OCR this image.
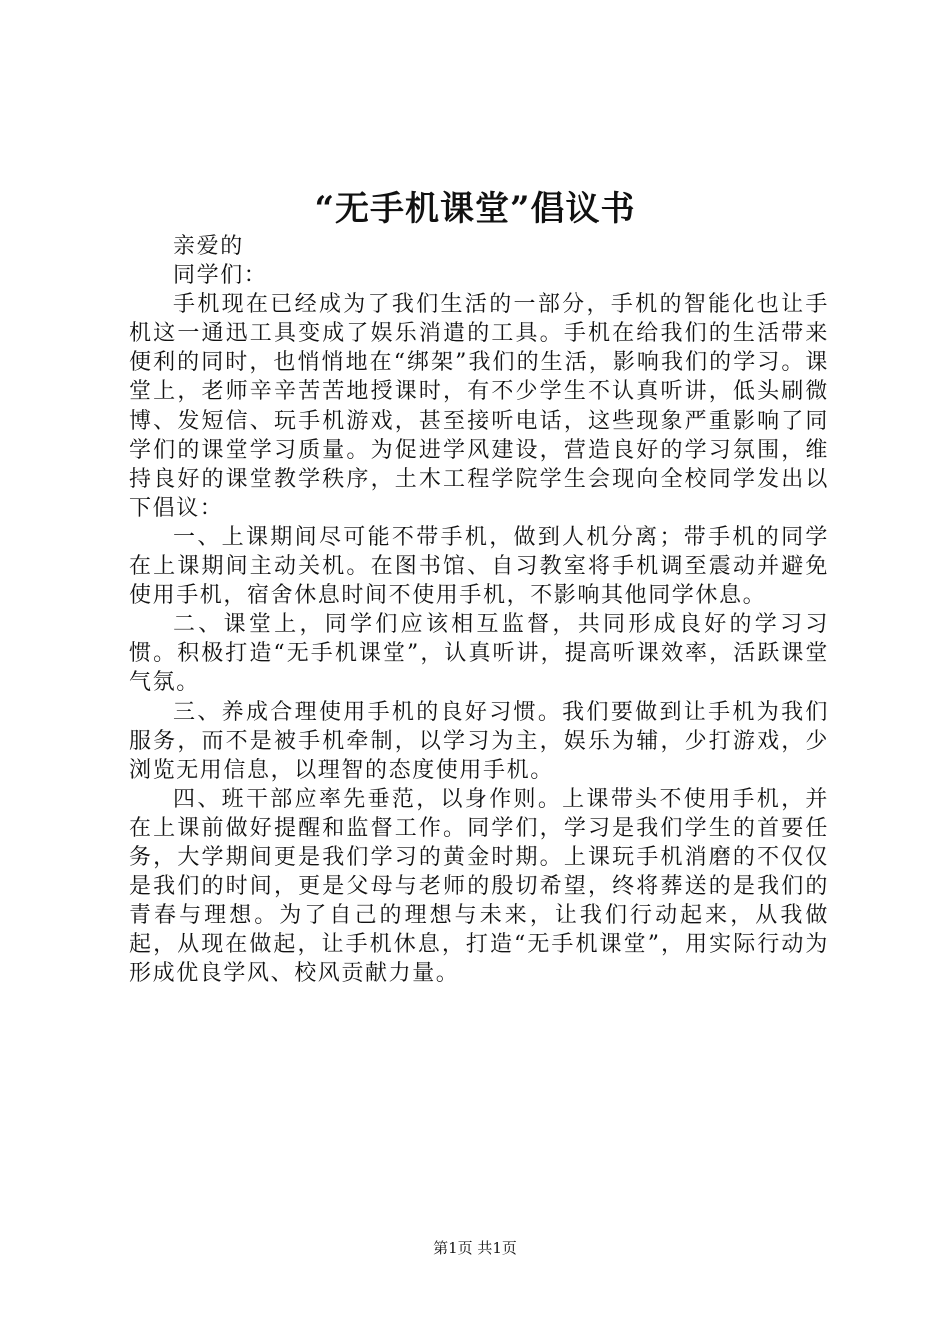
“无手机课堂”倡议书

亲爱的

同学们：

手机现在已经成为了我们生活的一部分，手机的智能化也让手机这一通迅工具变成了娱乐消遣的工具。手机在给我们的生活带来便利的同时，也悄悄地在“绑架”我们的生活，影响我们的学习。课堂上，老师辛辛苦苦地授课时，有不少学生不认真听讲，低头刷微博、发短信、玩手机游戏，甚至接听电话，这些现象严重影响了同学们的课堂学习质量。为促进学风建设，营造良好的学习氛围，维持良好的课堂教学秩序，土木工程学院学生会现向全校同学发出以下倡议：

一、上课期间尽可能不带手机，做到人机分离；带手机的同学在上课期间主动关机。在图书馆、自习教室将手机调至震动并避免使用手机，宿舍休息时间不使用手机，不影响其他同学休息。

二、课堂上，同学们应该相互监督，共同形成良好的学习习惯。积极打造“无手机课堂”，认真听讲，提高听课效率，活跃课堂气氛。

三、养成合理使用手机的良好习惯。我们要做到让手机为我们服务，而不是被手机牵制，以学习为主，娱乐为辅，少打游戏，少浏览无用信息，以理智的态度使用手机。

四、班干部应率先垂范，以身作则。上课带头不使用手机，并在上课前做好提醒和监督工作。同学们，学习是我们学生的首要任务，大学期间更是我们学习的黄金时期。上课玩手机消磨的不仅仅是我们的时间，更是父母与老师的殷切希望，终将葬送的是我们的青春与理想。为了自己的理想与未来，让我们行动起来，从我做起，从现在做起，让手机休息，打造“无手机课堂”，用实际行动为形成优良学风、校风贡献力量。

第1页 共1页
